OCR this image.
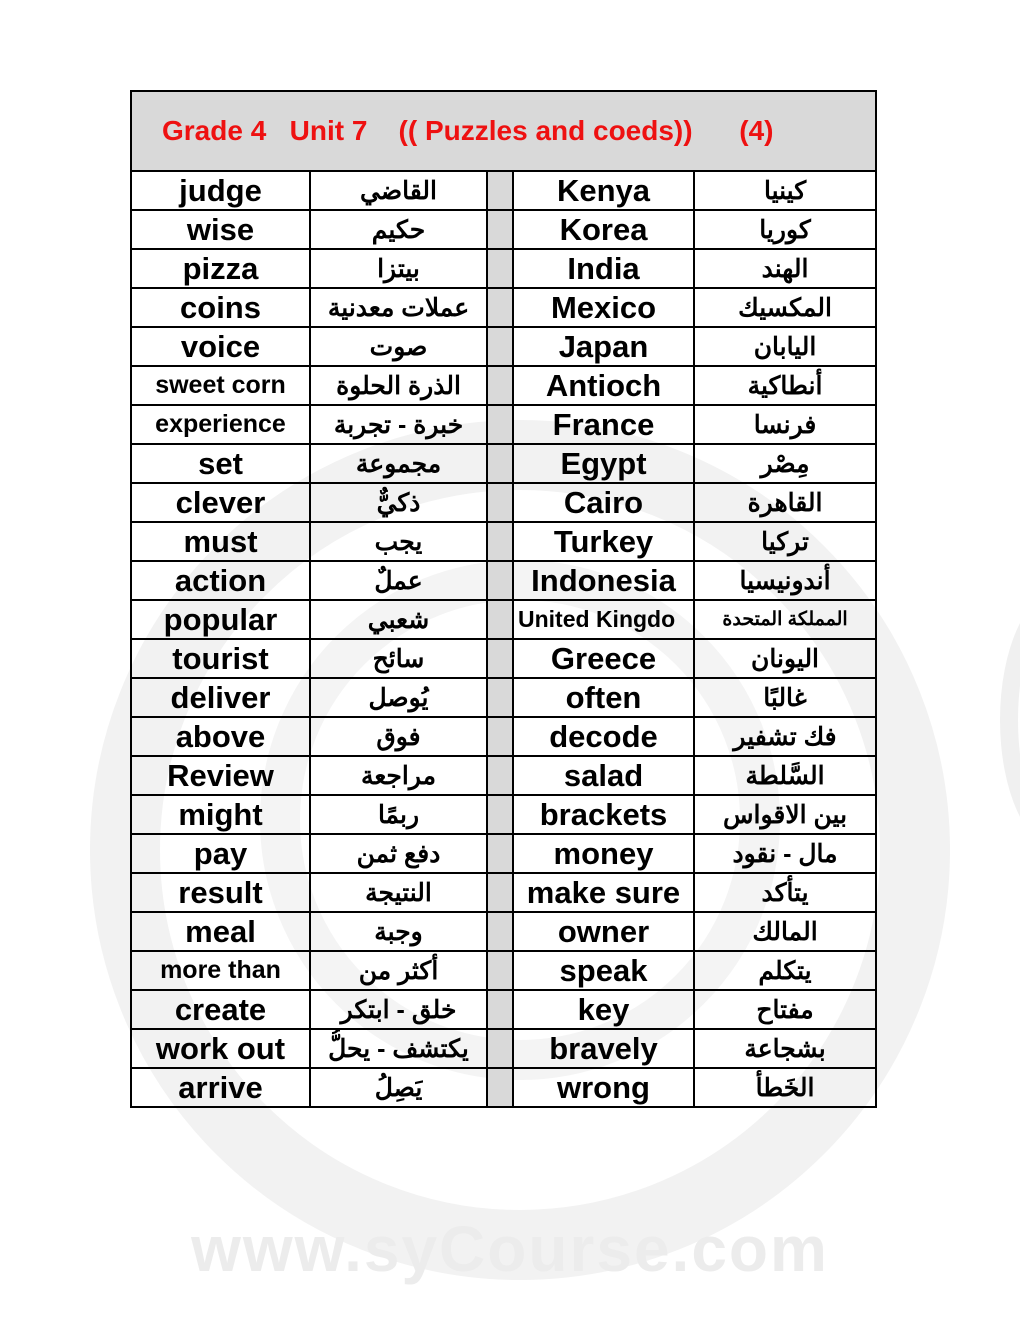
www.syCourse.com
Grade 4 Unit 7 (( Puzzles and coeds)) (4)				
judge	القاضي		Kenya	كينيا
wise	حكيم		Korea	كوريا
pizza	بيتزا		India	الهند
coins	عملات معدنية		Mexico	المكسيك
voice	صوت		Japan	اليابان
sweet corn	الذرة الحلوة		Antioch	أنطاكية
experience	خبرة - تجربة		France	فرنسا
set	مجموعة		Egypt	مِصْر
clever	ذكيٌّ		Cairo	القاهرة
must	يجب		Turkey	تركيا
action	عملٌ		Indonesia	أندونيسيا
popular	شعبي		United Kingdo	المملكة المتحدة
tourist	سائح		Greece	اليونان
deliver	يُوصل		often	غالبًا
above	فوق		decode	فك تشفير
Review	مراجعة		salad	السَّلطة
might	ربمًا		brackets	بين الاقواس
pay	دفع ثمن		money	مال - نقود
result	النتيجة		make sure	يتأكد
meal	وجبة		owner	المالك
more than	أكثر من		speak	يتكلم
create	خلق - ابتكر		key	مفتاح
work out	يكتشف - يحلُّ		bravely	بشجاعة
arrive	يَصِلُ		wrong	الخَطأ
